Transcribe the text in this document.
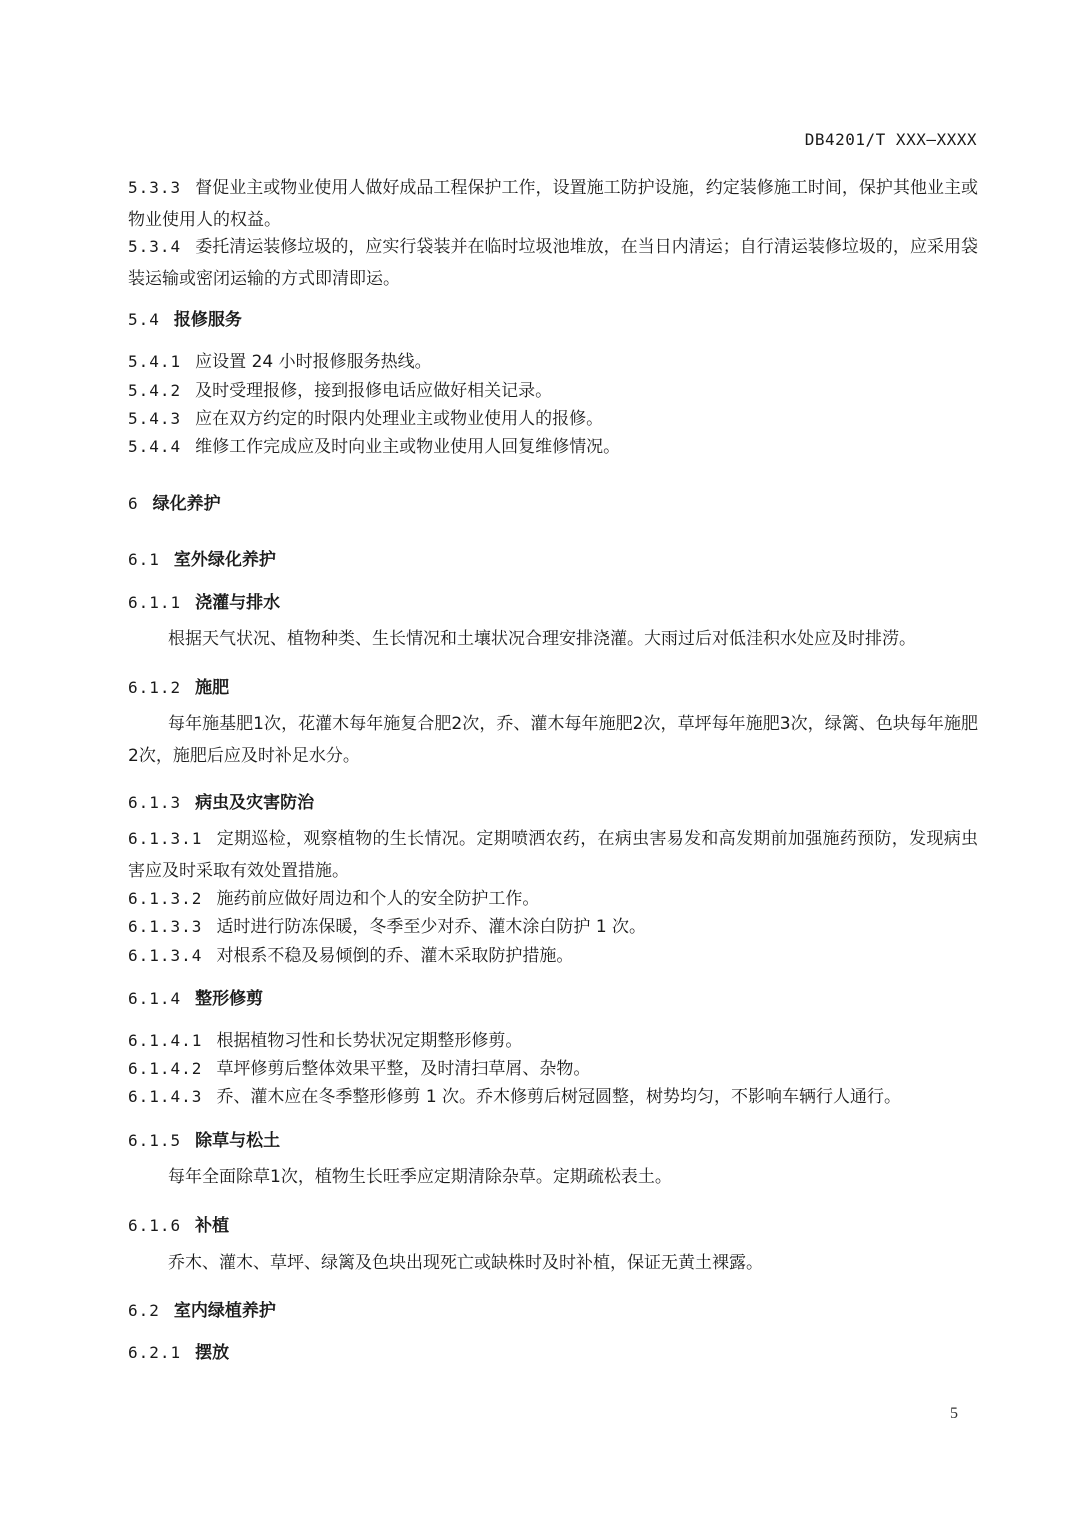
DB4201/T XXX—XXXX
5.3.3 督促业主或物业使用人做好成品工程保护工作，设置施工防护设施，约定装修施工时间，保护其他业主或物业使用人的权益。
5.3.4 委托清运装修垃圾的，应实行袋装并在临时垃圾池堆放，在当日内清运；自行清运装修垃圾的，应采用袋装运输或密闭运输的方式即清即运。
5.4 报修服务
5.4.1 应设置 24 小时报修服务热线。
5.4.2 及时受理报修，接到报修电话应做好相关记录。
5.4.3 应在双方约定的时限内处理业主或物业使用人的报修。
5.4.4 维修工作完成应及时向业主或物业使用人回复维修情况。
6 绿化养护
6.1 室外绿化养护
6.1.1 浇灌与排水
根据天气状况、植物种类、生长情况和土壤状况合理安排浇灌。大雨过后对低洼积水处应及时排涝。
6.1.2 施肥
每年施基肥1次，花灌木每年施复合肥2次，乔、灌木每年施肥2次，草坪每年施肥3次，绿篱、色块每年施肥2次，施肥后应及时补足水分。
6.1.3 病虫及灾害防治
6.1.3.1 定期巡检，观察植物的生长情况。定期喷洒农药，在病虫害易发和高发期前加强施药预防，发现病虫害应及时采取有效处置措施。
6.1.3.2 施药前应做好周边和个人的安全防护工作。
6.1.3.3 适时进行防冻保暖，冬季至少对乔、灌木涂白防护 1 次。
6.1.3.4 对根系不稳及易倾倒的乔、灌木采取防护措施。
6.1.4 整形修剪
6.1.4.1 根据植物习性和长势状况定期整形修剪。
6.1.4.2 草坪修剪后整体效果平整，及时清扫草屑、杂物。
6.1.4.3 乔、灌木应在冬季整形修剪 1 次。乔木修剪后树冠圆整，树势均匀，不影响车辆行人通行。
6.1.5 除草与松土
每年全面除草1次，植物生长旺季应定期清除杂草。定期疏松表土。
6.1.6 补植
乔木、灌木、草坪、绿篱及色块出现死亡或缺株时及时补植，保证无黄土裸露。
6.2 室内绿植养护
6.2.1 摆放
5
